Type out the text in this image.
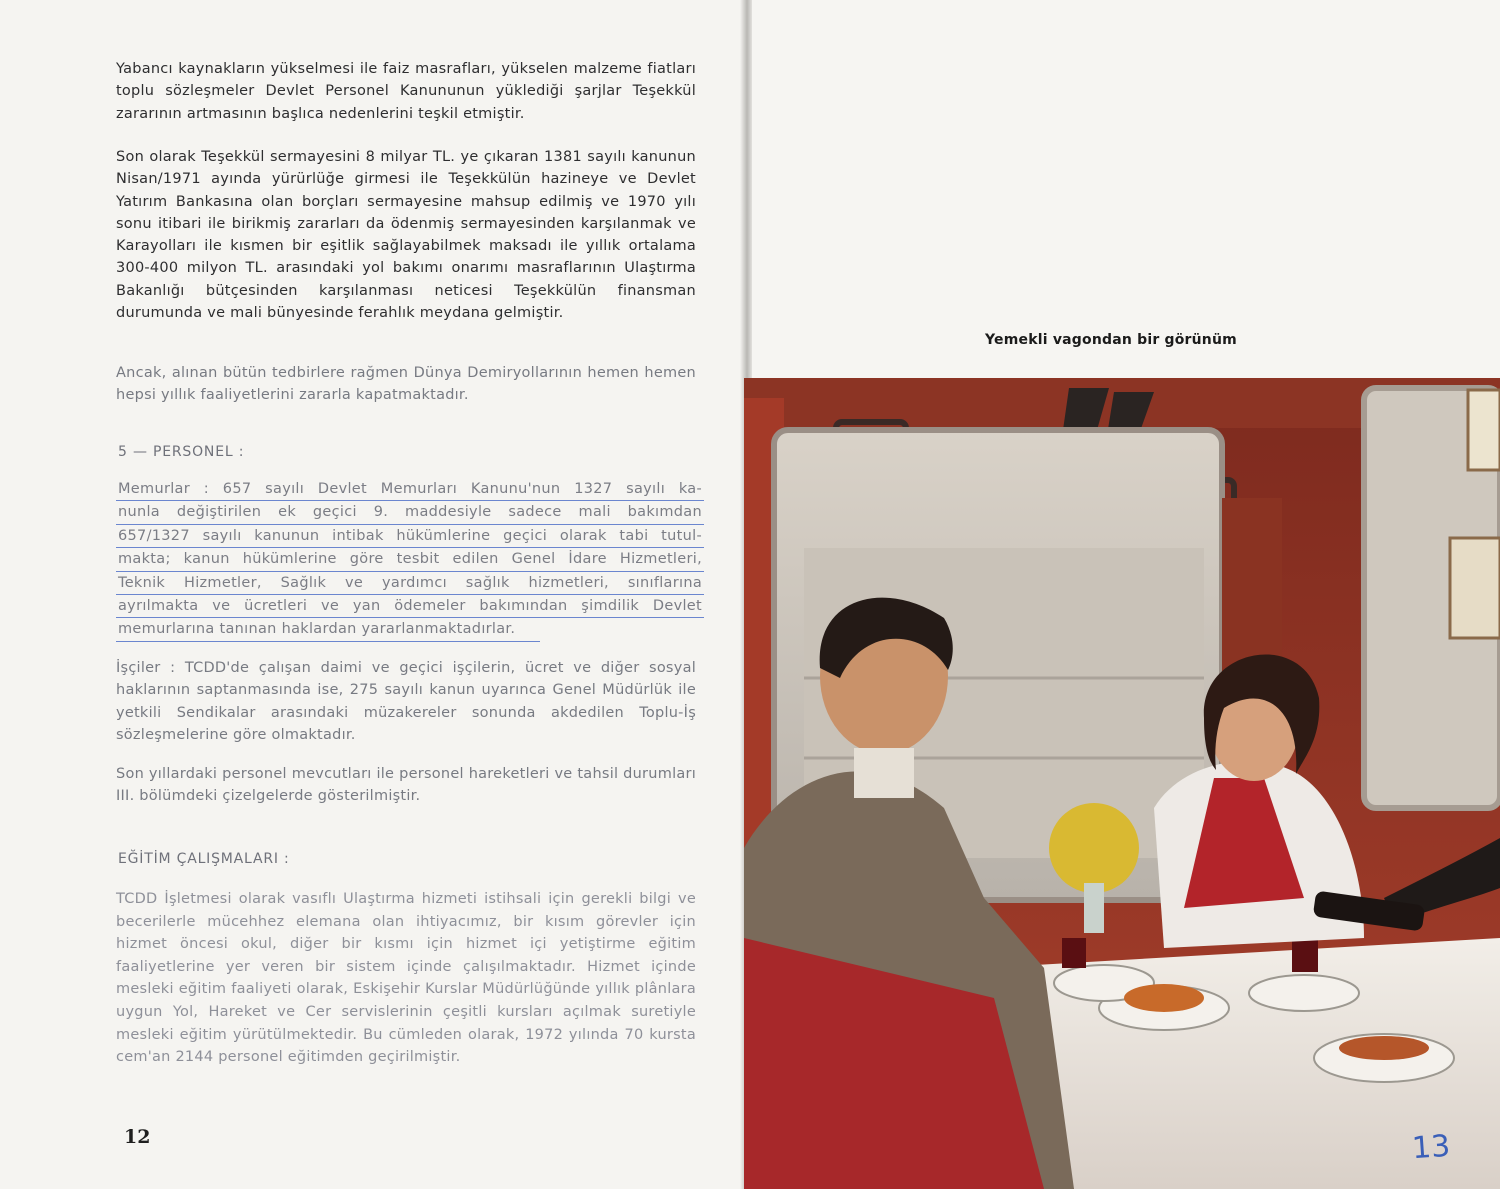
Yabancı kaynakların yükselmesi ile faiz masrafları, yükselen malzeme fiatları toplu sözleşmeler Devlet Personel Kanununun yüklediği şarjlar Teşekkül zararının artmasının başlıca nedenlerini teşkil etmiştir.

Son olarak Teşekkül sermayesini 8 milyar TL. ye çıkaran 1381 sayılı kanunun Nisan/1971 ayında yürürlüğe girmesi ile Teşekkülün hazineye ve Devlet Yatırım Bankasına olan borçları sermayesine mahsup edilmiş ve 1970 yılı sonu itibari ile birikmiş zararları da ödenmiş sermayesinden karşılanmak ve Karayolları ile kısmen bir eşitlik sağlayabilmek maksadı ile yıllık ortalama 300-400 milyon TL. arasındaki yol bakımı onarımı masraflarının Ulaştırma Bakanlığı bütçesinden karşılanması neticesi Teşekkülün finansman durumunda ve mali bünyesinde ferahlık meydana gelmiştir.

Ancak, alınan bütün tedbirlere rağmen Dünya Demiryollarının hemen hemen hepsi yıllık faaliyetlerini zararla kapatmaktadır.

5 — PERSONEL :

Memurlar : 657 sayılı Devlet Memurları Kanunu'nun 1327 sayılı ka-
nunla değiştirilen ek geçici 9. maddesiyle sadece mali bakımdan
657/1327 sayılı kanunun intibak hükümlerine geçici olarak tabi tutul-
makta; kanun hükümlerine göre tesbit edilen Genel İdare Hizmetleri,
Teknik Hizmetler, Sağlık ve yardımcı sağlık hizmetleri, sınıflarına
ayrılmakta ve ücretleri ve yan ödemeler bakımından şimdilik Devlet
memurlarına tanınan haklardan yararlanmaktadırlar.

İşçiler : TCDD'de çalışan daimi ve geçici işçilerin, ücret ve diğer sosyal haklarının saptanmasında ise, 275 sayılı kanun uyarınca Genel Müdürlük ile yetkili Sendikalar arasındaki müzakereler sonunda akdedilen Toplu-İş sözleşmelerine göre olmaktadır.

Son yıllardaki personel mevcutları ile personel hareketleri ve tahsil durumları III. bölümdeki çizelgelerde gösterilmiştir.

EĞİTİM ÇALIŞMALARI :

TCDD İşletmesi olarak vasıflı Ulaştırma hizmeti istihsali için gerekli bilgi ve becerilerle mücehhez elemana olan ihtiyacımız, bir kısım görevler için hizmet öncesi okul, diğer bir kısmı için hizmet içi yetiştirme eğitim faaliyetlerine yer veren bir sistem içinde çalışılmaktadır. Hizmet içinde mesleki eğitim faaliyeti olarak, Eskişehir Kurslar Müdürlüğünde yıllık plânlara uygun Yol, Hareket ve Cer servislerinin çeşitli kursları açılmak suretiyle mesleki eğitim yürütülmektedir. Bu cümleden olarak, 1972 yılında 70 kursta cem'an 2144 personel eğitimden geçirilmiştir.

12

Yemekli vagondan bir görünüm

13
